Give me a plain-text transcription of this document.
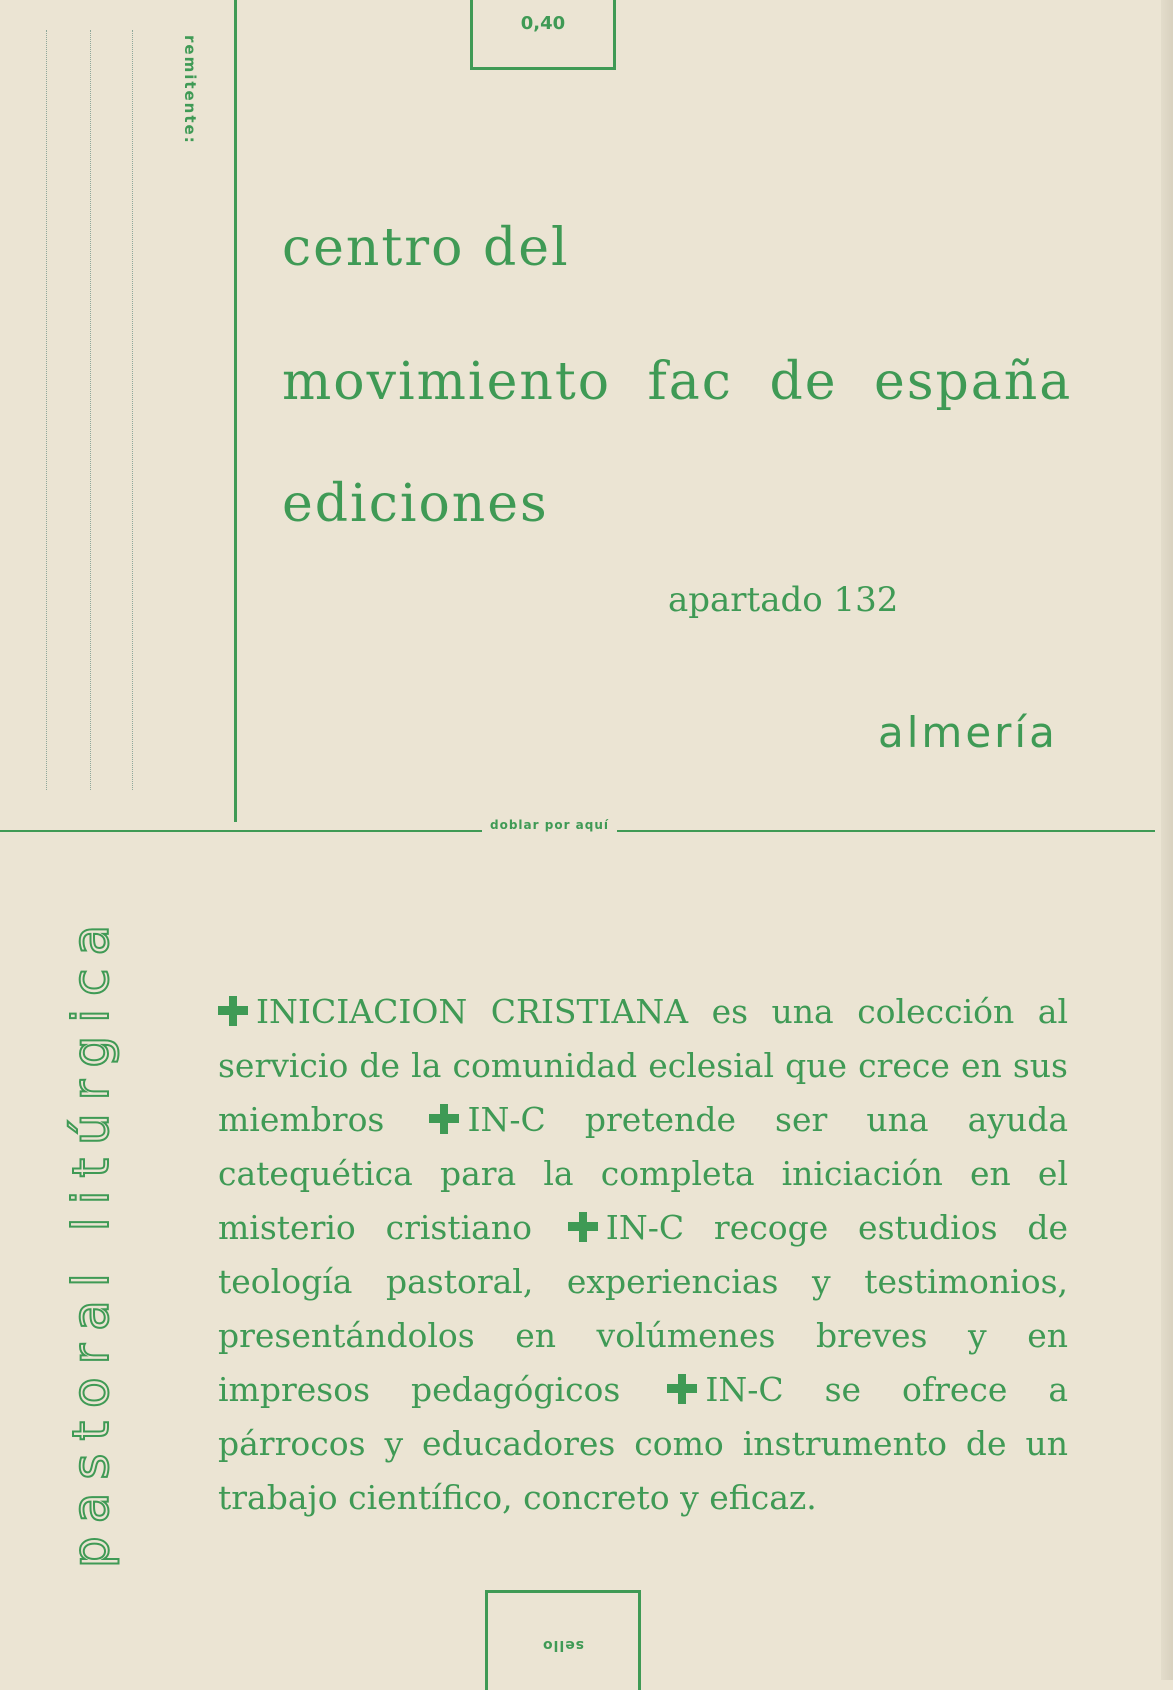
remitente:
0,40
centro del
movimiento fac de españa
ediciones
apartado 132
almería
doblar por aquí
pastoral litúrgica	INICIACION CRISTIANA es una colección al servicio de la comunidad eclesial que crece en sus miembros	IN-C pretende ser una ayuda catequética para la completa iniciación en el misterio cristiano IN-C recoge estudios de teología pastoral, experiencias y testimonios, presentándolos en volúmenes breves y en impresos pedagógicos	IN-C se ofrece a párrocos y educadores como instrumento de un trabajo científico, concreto y eficaz.
sello
